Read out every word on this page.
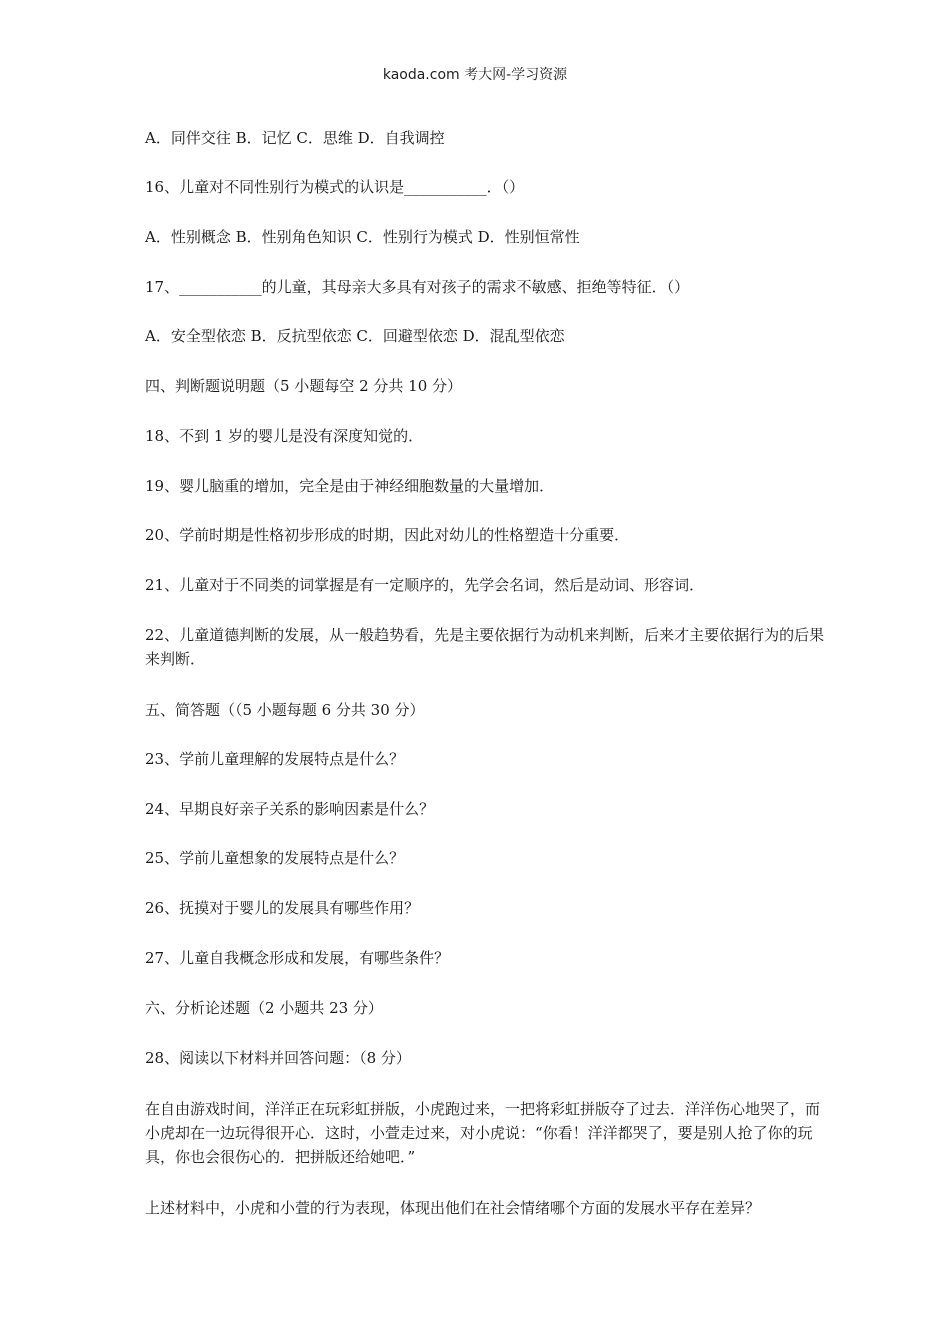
kaoda.com 考大网-学习资源
A．同伴交往 B．记忆 C．思维 D．自我调控
16、儿童对不同性别行为模式的认识是___________．（）
A．性别概念 B．性别角色知识 C．性别行为模式 D．性别恒常性
17、___________的儿童，其母亲大多具有对孩子的需求不敏感、拒绝等特征．（）
A．安全型依恋 B．反抗型依恋 C．回避型依恋 D．混乱型依恋
四、判断题说明题（5 小题每空 2 分共 10 分）
18、不到 1 岁的婴儿是没有深度知觉的．
19、婴儿脑重的增加，完全是由于神经细胞数量的大量增加．
20、学前时期是性格初步形成的时期，因此对幼儿的性格塑造十分重要．
21、儿童对于不同类的词掌握是有一定顺序的，先学会名词，然后是动词、形容词．
22、儿童道德判断的发展，从一般趋势看，先是主要依据行为动机来判断，后来才主要依据行为的后果来判断．
五、简答题（（5 小题每题 6 分共 30 分）
23、学前儿童理解的发展特点是什么？
24、早期良好亲子关系的影响因素是什么？
25、学前儿童想象的发展特点是什么？
26、抚摸对于婴儿的发展具有哪些作用？
27、儿童自我概念形成和发展，有哪些条件？
六、分析论述题（2 小题共 23 分）
28、阅读以下材料并回答问题：（8 分）
在自由游戏时间，洋洋正在玩彩虹拼版，小虎跑过来，一把将彩虹拼版夺了过去．洋洋伤心地哭了，而小虎却在一边玩得很开心．这时，小萱走过来，对小虎说：“你看！洋洋都哭了，要是别人抢了你的玩具，你也会很伤心的．把拼版还给她吧．”
上述材料中，小虎和小萱的行为表现，体现出他们在社会情绪哪个方面的发展水平存在差异？
